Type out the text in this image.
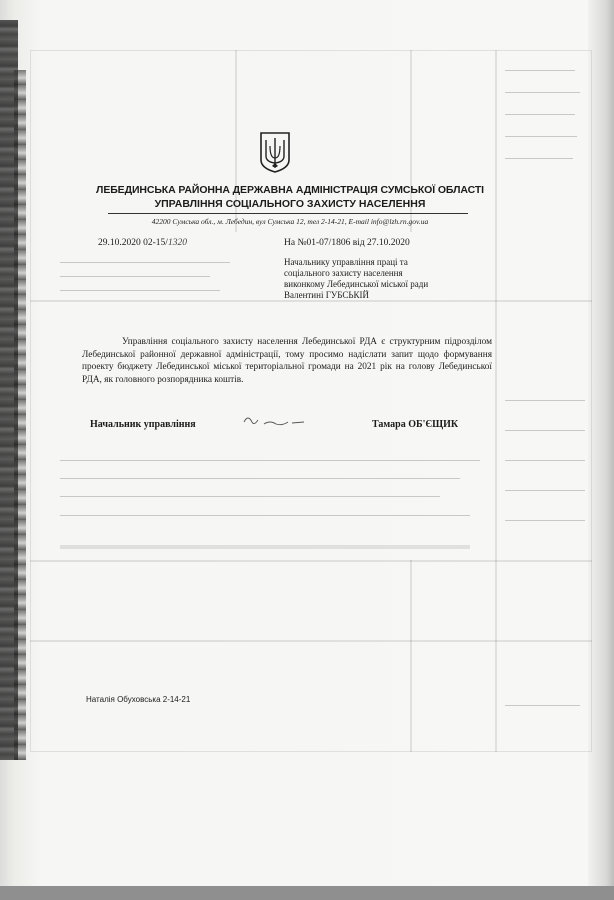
ЛЕБЕДИНСЬКА РАЙОННА ДЕРЖАВНА АДМІНІСТРАЦІЯ СУМСЬКОЇ ОБЛАСТІ
УПРАВЛІННЯ СОЦІАЛЬНОГО ЗАХИСТУ НАСЕЛЕННЯ
42200 Сумська обл., м. Лебедин, вул Сумська 12, тел 2-14-21, E-mail info@lzh.rn.gov.ua
29.10.2020 02-15/1320	На №01-07/1806 від 27.10.2020
Начальнику управління праці та
соціального захисту населення
виконкому Лебединської міської ради
Валентині ГУБСЬКІЙ
Управління соціального захисту населення Лебединської РДА є структурним підрозділом Лебединської районної державної адміністрації, тому просимо надіслати запит щодо формування проекту бюджету Лебединської міської територіальної громади на 2021 рік на голову Лебединської РДА, як головного розпорядника коштів.
Начальник управління	Тамара ОБ'ЄЩИК
Наталія Обуховська 2-14-21
